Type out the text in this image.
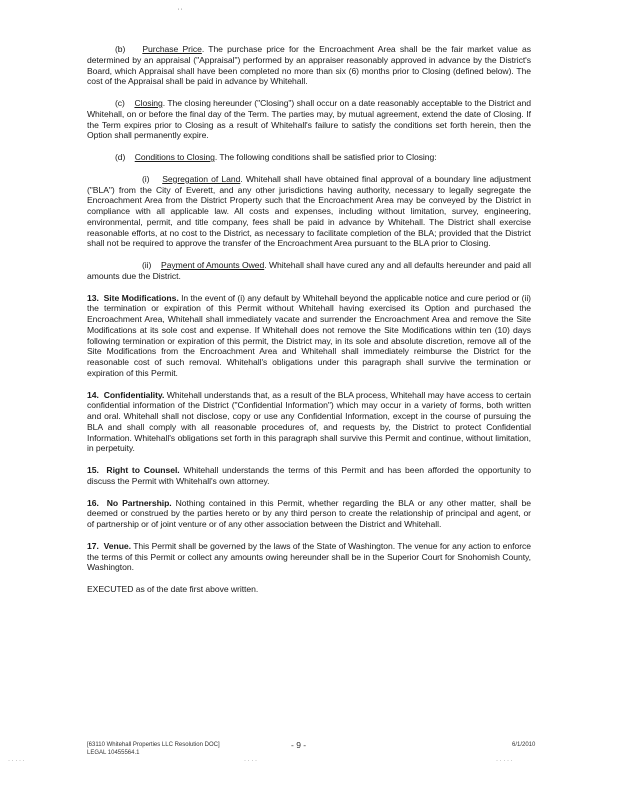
' '

(b) Purchase Price. The purchase price for the Encroachment Area shall be the fair market value as determined by an appraisal ("Appraisal") performed by an appraiser reasonably approved in advance by the District's Board, which Appraisal shall have been completed no more than six (6) months prior to Closing (defined below). The cost of the Appraisal shall be paid in advance by Whitehall.

(c) Closing. The closing hereunder ("Closing") shall occur on a date reasonably acceptable to the District and Whitehall, on or before the final day of the Term. The parties may, by mutual agreement, extend the date of Closing. If the Term expires prior to Closing as a result of Whitehall's failure to satisfy the conditions set forth herein, then the Option shall permanently expire.

(d) Conditions to Closing. The following conditions shall be satisfied prior to Closing:

(i) Segregation of Land. Whitehall shall have obtained final approval of a boundary line adjustment ("BLA") from the City of Everett, and any other jurisdictions having authority, necessary to legally segregate the Encroachment Area from the District Property such that the Encroachment Area may be conveyed by the District in compliance with all applicable law. All costs and expenses, including without limitation, survey, engineering, environmental, permit, and title company, fees shall be paid in advance by Whitehall. The District shall exercise reasonable efforts, at no cost to the District, as necessary to facilitate completion of the BLA; provided that the District shall not be required to approve the transfer of the Encroachment Area pursuant to the BLA prior to Closing.

(ii) Payment of Amounts Owed. Whitehall shall have cured any and all defaults hereunder and paid all amounts due the District.

13. Site Modifications. In the event of (i) any default by Whitehall beyond the applicable notice and cure period or (ii) the termination or expiration of this Permit without Whitehall having exercised its Option and purchased the Encroachment Area, Whitehall shall immediately vacate and surrender the Encroachment Area and remove the Site Modifications at its sole cost and expense. If Whitehall does not remove the Site Modifications within ten (10) days following termination or expiration of this permit, the District may, in its sole and absolute discretion, remove all of the Site Modifications from the Encroachment Area and Whitehall shall immediately reimburse the District for the reasonable cost of such removal. Whitehall's obligations under this paragraph shall survive the termination or expiration of this Permit.

14. Confidentiality. Whitehall understands that, as a result of the BLA process, Whitehall may have access to certain confidential information of the District ("Confidential Information") which may occur in a variety of forms, both written and oral. Whitehall shall not disclose, copy or use any Confidential Information, except in the course of pursuing the BLA and shall comply with all reasonable procedures of, and requests by, the District to protect Confidential Information. Whitehall's obligations set forth in this paragraph shall survive this Permit and continue, without limitation, in perpetuity.

15. Right to Counsel. Whitehall understands the terms of this Permit and has been afforded the opportunity to discuss the Permit with Whitehall's own attorney.

16. No Partnership. Nothing contained in this Permit, whether regarding the BLA or any other matter, shall be deemed or construed by the parties hereto or by any third person to create the relationship of principal and agent, or of partnership or of joint venture or of any other association between the District and Whitehall.

17. Venue. This Permit shall be governed by the laws of the State of Washington. The venue for any action to enforce the terms of this Permit or collect any amounts owing hereunder shall be in the Superior Court for Snohomish County, Washington.

EXECUTED as of the date first above written.

[63110 Whitehall Properties LLC Resolution DOC]
LEGAL 10455564.1
- 9 -	6/1/2010
· · · · ·	· · · ·	· · · · ·
